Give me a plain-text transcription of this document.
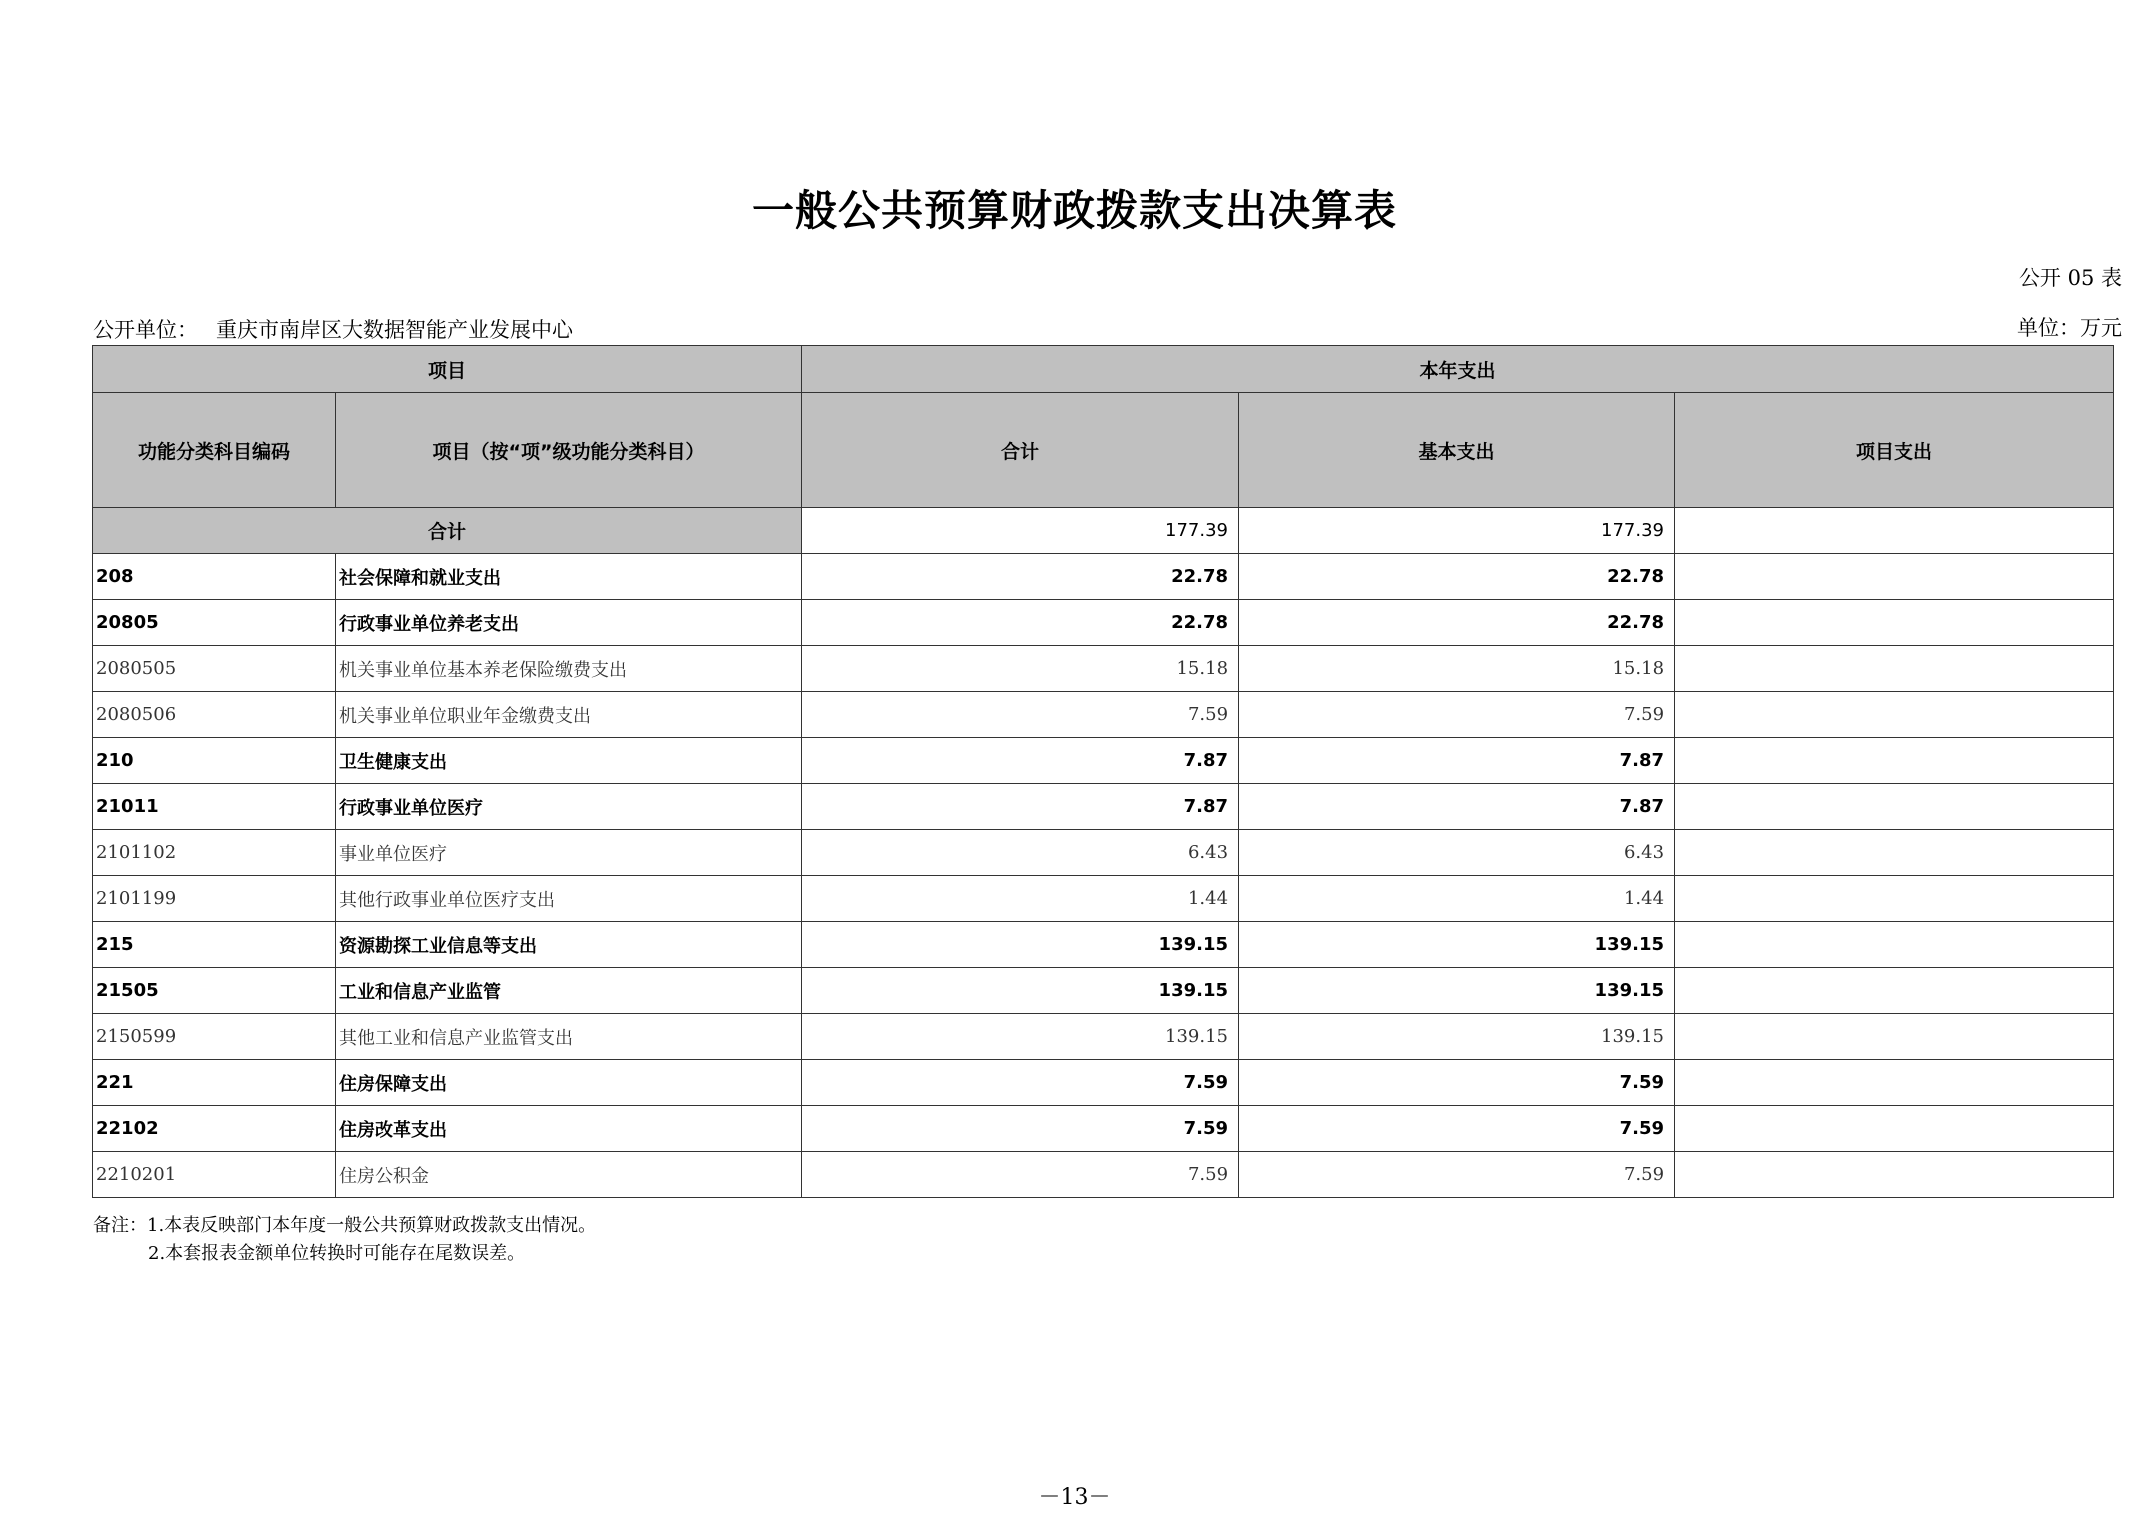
一般公共预算财政拨款支出决算表
公开 05 表
公开单位： 重庆市南岸区大数据智能产业发展中心	单位：万元
项目		本年支出		
功能分类科目编码	项目（按“项”级功能分类科目）	合计	基本支出	项目支出
合计		177.39	177.39	
208	社会保障和就业支出	22.78	22.78	
20805	行政事业单位养老支出	22.78	22.78	
2080505	机关事业单位基本养老保险缴费支出	15.18	15.18	
2080506	机关事业单位职业年金缴费支出	7.59	7.59	
210	卫生健康支出	7.87	7.87	
21011	行政事业单位医疗	7.87	7.87	
2101102	事业单位医疗	6.43	6.43	
2101199	其他行政事业单位医疗支出	1.44	1.44	
215	资源勘探工业信息等支出	139.15	139.15	
21505	工业和信息产业监管	139.15	139.15	
2150599	其他工业和信息产业监管支出	139.15	139.15	
221	住房保障支出	7.59	7.59	
22102	住房改革支出	7.59	7.59	
2210201	住房公积金	7.59	7.59	
备注：1.本表反映部门本年度一般公共预算财政拨款支出情况。
2.本套报表金额单位转换时可能存在尾数误差。
－13－
